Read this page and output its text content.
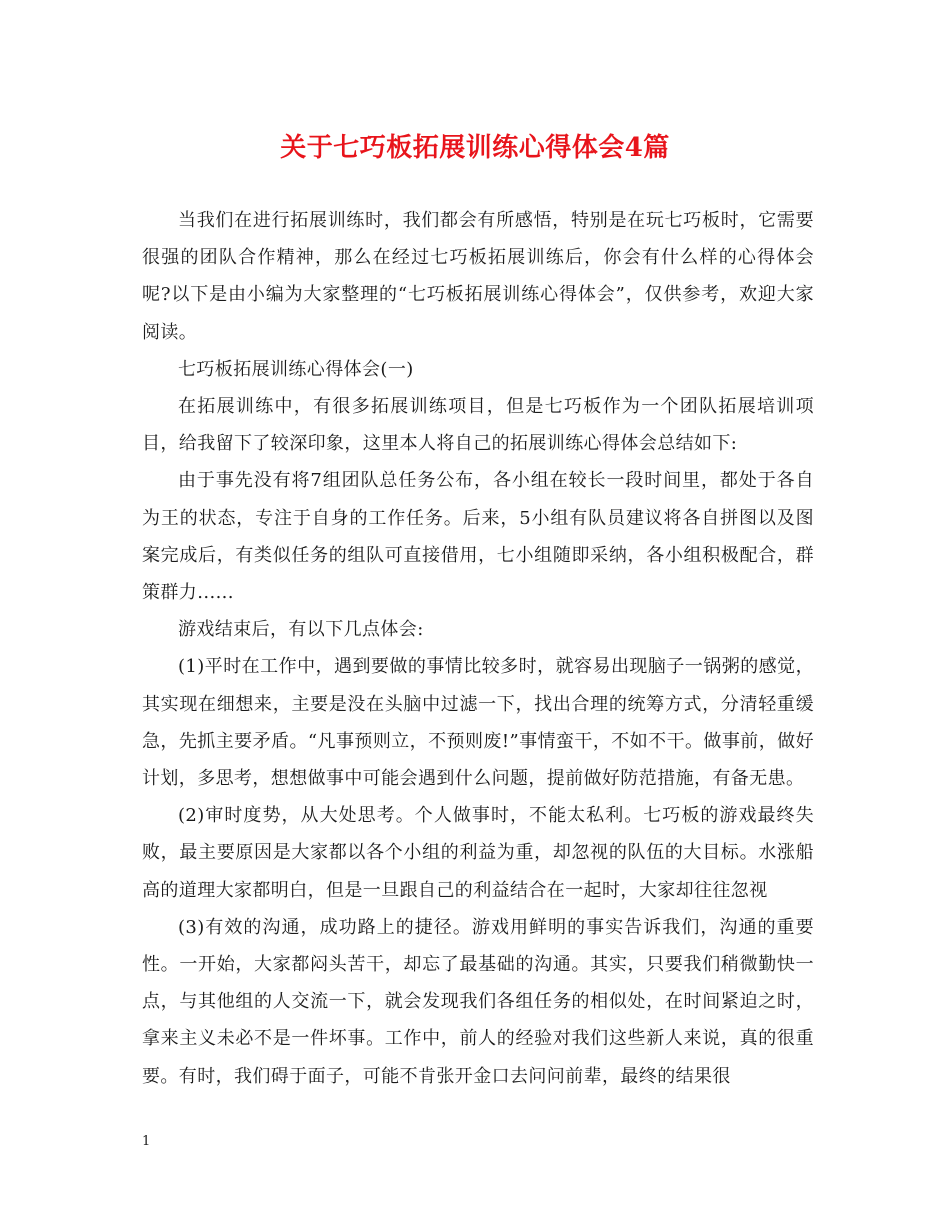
关于七巧板拓展训练心得体会4篇

当我们在进行拓展训练时，我们都会有所感悟，特别是在玩七巧板时，它需要很强的团队合作精神，那么在经过七巧板拓展训练后，你会有什么样的心得体会呢?以下是由小编为大家整理的“七巧板拓展训练心得体会”，仅供参考，欢迎大家阅读。

七巧板拓展训练心得体会(一)

在拓展训练中，有很多拓展训练项目，但是七巧板作为一个团队拓展培训项目，给我留下了较深印象，这里本人将自己的拓展训练心得体会总结如下:

由于事先没有将7组团队总任务公布，各小组在较长一段时间里，都处于各自为王的状态，专注于自身的工作任务。后来，5小组有队员建议将各自拼图以及图案完成后，有类似任务的组队可直接借用，七小组随即采纳，各小组积极配合，群策群力......

游戏结束后，有以下几点体会:

(1)平时在工作中，遇到要做的事情比较多时，就容易出现脑子一锅粥的感觉，其实现在细想来，主要是没在头脑中过滤一下，找出合理的统筹方式，分清轻重缓急，先抓主要矛盾。“凡事预则立，不预则废!”事情蛮干，不如不干。做事前，做好计划，多思考，想想做事中可能会遇到什么问题，提前做好防范措施，有备无患。

(2)审时度势，从大处思考。个人做事时，不能太私利。七巧板的游戏最终失败，最主要原因是大家都以各个小组的利益为重，却忽视的队伍的大目标。水涨船高的道理大家都明白，但是一旦跟自己的利益结合在一起时，大家却往往忽视

(3)有效的沟通，成功路上的捷径。游戏用鲜明的事实告诉我们，沟通的重要性。一开始，大家都闷头苦干，却忘了最基础的沟通。其实，只要我们稍微勤快一点，与其他组的人交流一下，就会发现我们各组任务的相似处，在时间紧迫之时，拿来主义未必不是一件坏事。工作中，前人的经验对我们这些新人来说，真的很重要。有时，我们碍于面子，可能不肯张开金口去问问前辈，最终的结果很

1
